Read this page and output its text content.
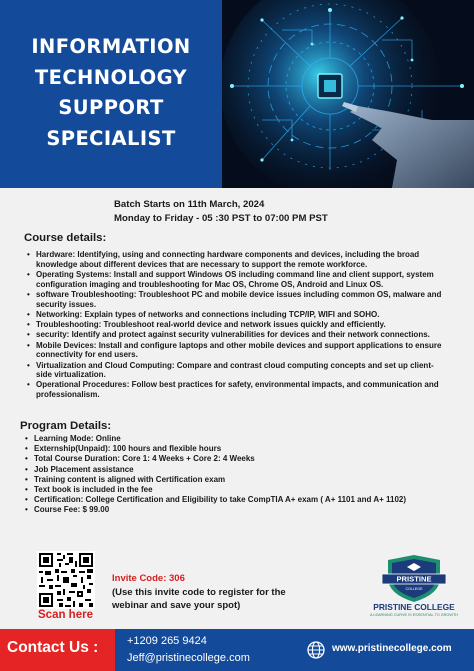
INFORMATION
TECHNOLOGY
SUPPORT
SPECIALIST
Batch Starts on 11th March, 2024
Monday to Friday - 05 :30 PST to 07:00 PM PST
Course details:
• Hardware: Identifying, using and connecting hardware components and devices, including the broad knowledge about different devices that are necessary to support the remote workforce.
• Operating Systems: Install and support Windows OS including command line and client support, system configuration imaging and troubleshooting for Mac OS, Chrome OS, Android and Linux OS.
• software Troubleshooting: Troubleshoot PC and mobile device issues including common OS, malware and security issues.
• Networking: Explain types of networks and connections including TCP/IP, WIFI and SOHO.
• Troubleshooting: Troubleshoot real-world device and network issues quickly and efficiently.
• security: Identify and protect against security vulnerabilities for devices and their network connections.
• Mobile Devices: Install and configure laptops and other mobile devices and support applications to ensure connectivity for end users.
• Virtualization and Cloud Computing: Compare and contrast cloud computing concepts and set up client-side virtualization.
• Operational Procedures: Follow best practices for safety, environmental impacts, and communication and professionalism.
Program Details:
• Learning Mode: Online
• Externship(Unpaid): 100 hours and flexible hours
• Total Course Duration: Core 1: 4 Weeks + Core 2: 4 Weeks
• Job Placement assistance
• Training content is aligned with Certification exam
• Text book is included in the fee
• Certification: College Certification and Eligibility to take CompTIA A+ exam ( A+ 1101 and A+ 1102)
• Course Fee: $ 99.00
Scan here
Invite Code: 306
(Use this invite code to register for the webinar and save your spot)
PRISTINE
COLLEGE
PRISTINE COLLEGE
A LEARNING CURVE IS ESSENTIAL TO GROWTH
Contact Us :	+1209 265 9424
Jeff@pristinecollege.com
www.pristinecollege.com
